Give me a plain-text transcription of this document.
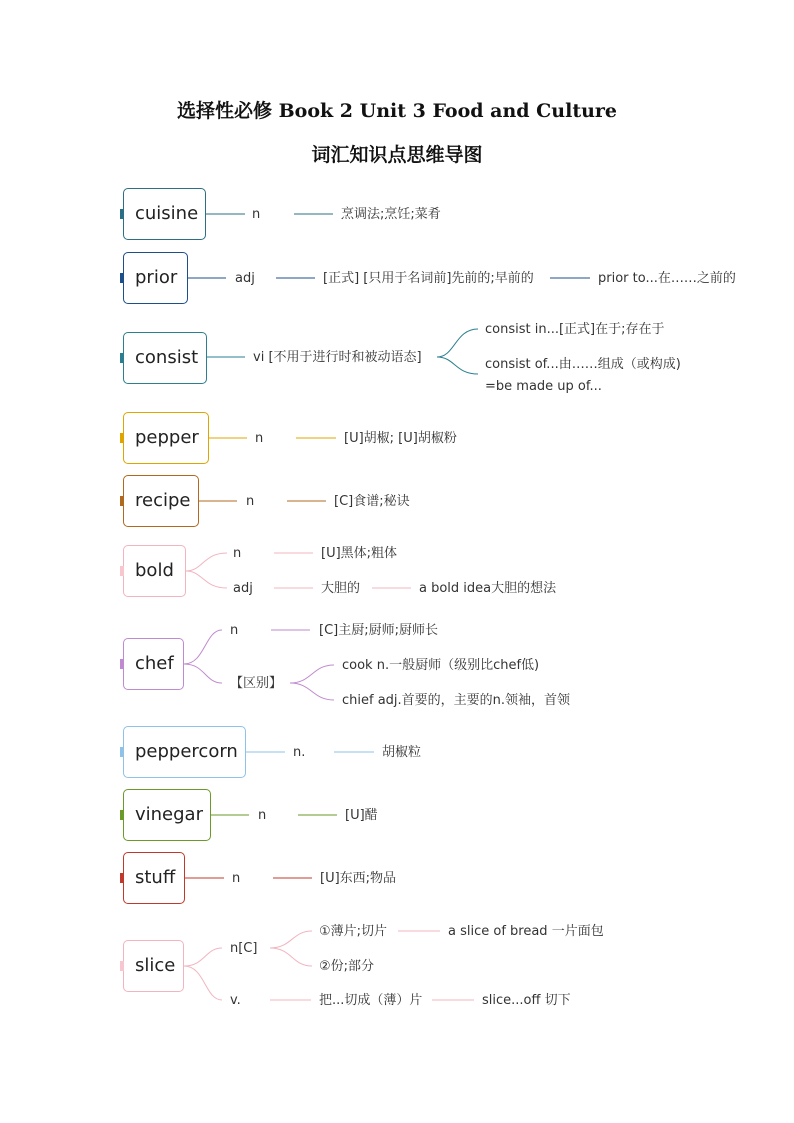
选择性必修 Book 2 Unit 3 Food and Culture
词汇知识点思维导图
cuisine	n	烹调法;烹饪;菜肴
prior	adj	[正式] [只用于名词前]先前的;早前的	prior to...在……之前的
consist	vi [不用于进行时和被动语态]
consist in...[正式]在于;存在于
consist of...由……组成（或构成)
=be made up of...
pepper	n	[U]胡椒; [U]胡椒粉
recipe	n	[C]食谱;秘诀
bold
n	[U]黑体;粗体
adj	大胆的	a bold idea大胆的想法
chef
n	[C]主厨;厨师;厨师长
【区别】
cook n.一般厨师（级别比chef低)
chief adj.首要的，主要的n.领袖，首领
peppercorn	n.	胡椒粒
vinegar	n	[U]醋
stuff	n	[U]东西;物品
slice
n[C]
①薄片;切片	a slice of bread 一片面包
②份;部分
v.	把...切成（薄）片	slice...off 切下
